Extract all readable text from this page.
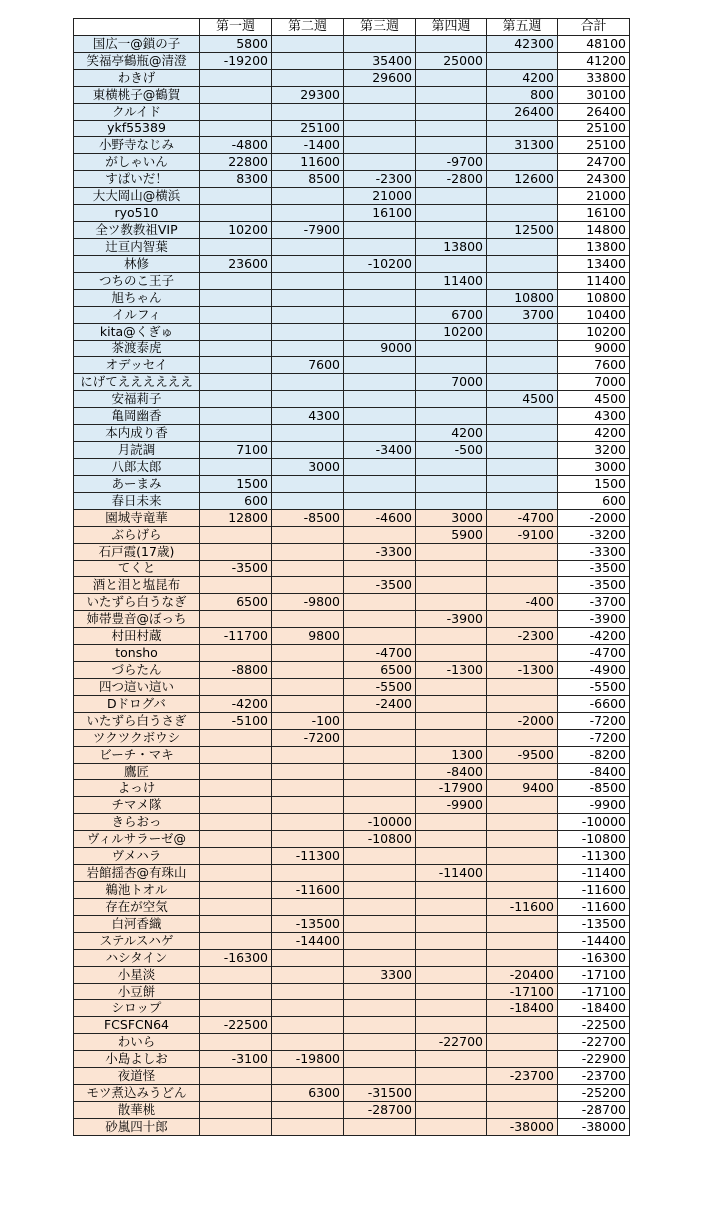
	第一週	第二週	第三週	第四週	第五週	合計
国広一@鎖の子	5800				42300	48100
笑福亭鶴瓶@清澄	-19200		35400	25000		41200
わきげ			29600		4200	33800
東横桃子@鶴賀		29300			800	30100
クルイド					26400	26400
ykf55389		25100				25100
小野寺なじみ	-4800	-1400			31300	25100
がしゃいん	22800	11600		-9700		24700
すぱいだ！	8300	8500	-2300	-2800	12600	24300
大大岡山@横浜			21000			21000
ryo510			16100			16100
全ツ教教祖VIP	10200	-7900			12500	14800
辻亘内智葉				13800		13800
林修	23600		-10200			13400
つちのこ王子				11400		11400
旭ちゃん					10800	10800
イルフィ				6700	3700	10400
kita@くぎゅ				10200		10200
茶渡泰虎			9000			9000
オデッセイ		7600				7600
にげてええええええ				7000		7000
安福莉子					4500	4500
亀岡幽香		4300				4300
本内成り香				4200		4200
月読調	7100		-3400	-500		3200
八郎太郎		3000				3000
あーまみ	1500					1500
春日未来	600					600
園城寺竜華	12800	-8500	-4600	3000	-4700	-2000
ぶらげら				5900	-9100	-3200
石戸霞(17歳)			-3300			-3300
てくと	-3500					-3500
酒と泪と塩昆布			-3500			-3500
いたずら白うなぎ	6500	-9800			-400	-3700
姉帯豊音@ぼっち				-3900		-3900
村田村蔵	-11700	9800			-2300	-4200
tonsho			-4700			-4700
づらたん	-8800		6500	-1300	-1300	-4900
四つ這い這い			-5500			-5500
Dドログバ	-4200		-2400			-6600
いたずら白うさぎ	-5100	-100			-2000	-7200
ツクツクボウシ		-7200				-7200
ビーチ・マキ				1300	-9500	-8200
鷹匠				-8400		-8400
よっけ				-17900	9400	-8500
チマメ隊				-9900		-9900
きらおっ			-10000			-10000
ヴィルサラーゼ@			-10800			-10800
ヴメハラ		-11300				-11300
岩館揺杏@有珠山				-11400		-11400
鵜池トオル		-11600				-11600
存在が空気					-11600	-11600
白河香織		-13500				-13500
ステルスハゲ		-14400				-14400
ハシタイン	-16300					-16300
小星淡			3300		-20400	-17100
小豆餅					-17100	-17100
シロップ					-18400	-18400
FCSFCN64	-22500					-22500
わいら				-22700		-22700
小島よしお	-3100	-19800				-22900
夜道怪					-23700	-23700
モツ煮込みうどん		6300	-31500			-25200
散華桃			-28700			-28700
砂嵐四十郎					-38000	-38000
